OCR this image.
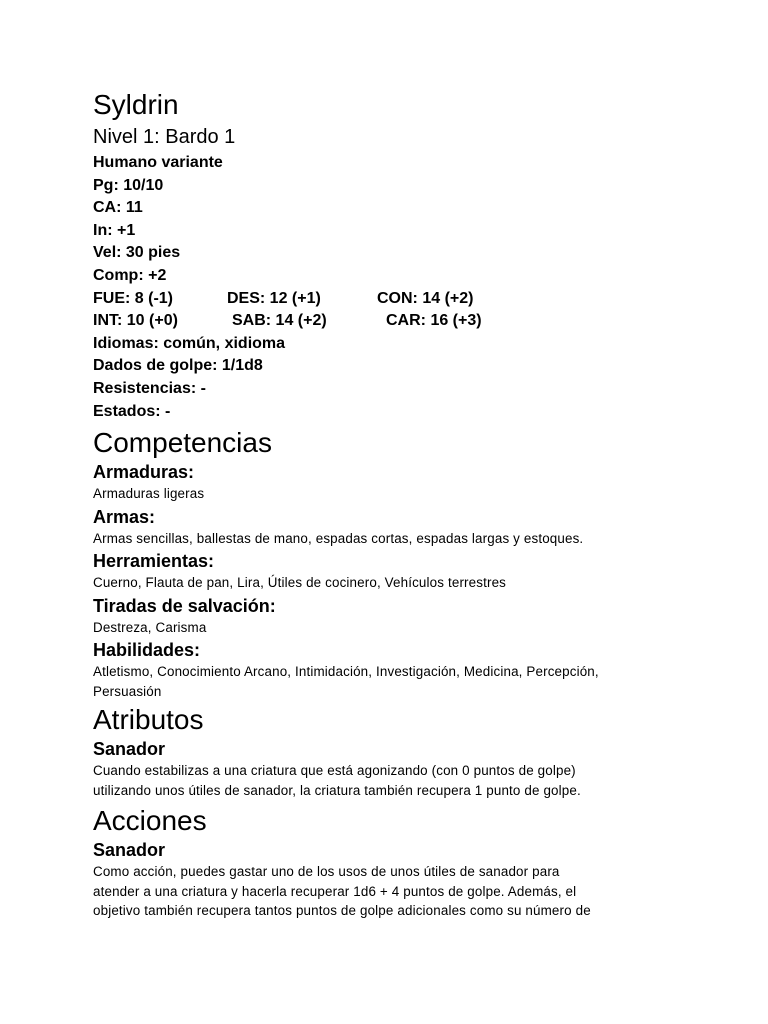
Syldrin
Nivel 1: Bardo 1
Humano variante
Pg: 10/10
CA: 11
In: +1
Vel: 30 pies
Comp: +2
FUE: 8 (-1)	DES: 12 (+1)	CON: 14 (+2)
INT: 10 (+0)	SAB: 14 (+2)	CAR: 16 (+3)
Idiomas: común, xidioma
Dados de golpe: 1/1d8
Resistencias: -
Estados: -
Competencias
Armaduras:

Armaduras ligeras

Armas:

Armas sencillas, ballestas de mano, espadas cortas, espadas largas y estoques.

Herramientas:

Cuerno, Flauta de pan, Lira, Útiles de cocinero, Vehículos terrestres

Tiradas de salvación:

Destreza, Carisma

Habilidades:

Atletismo, Conocimiento Arcano, Intimidación, Investigación, Medicina, Percepción,

Persuasión

Atributos
Sanador

Cuando estabilizas a una criatura que está agonizando (con 0 puntos de golpe)

utilizando unos útiles de sanador, la criatura también recupera 1 punto de golpe.

Acciones
Sanador

Como acción, puedes gastar uno de los usos de unos útiles de sanador para

atender a una criatura y hacerla recuperar 1d6 + 4 puntos de golpe. Además, el

objetivo también recupera tantos puntos de golpe adicionales como su número de
